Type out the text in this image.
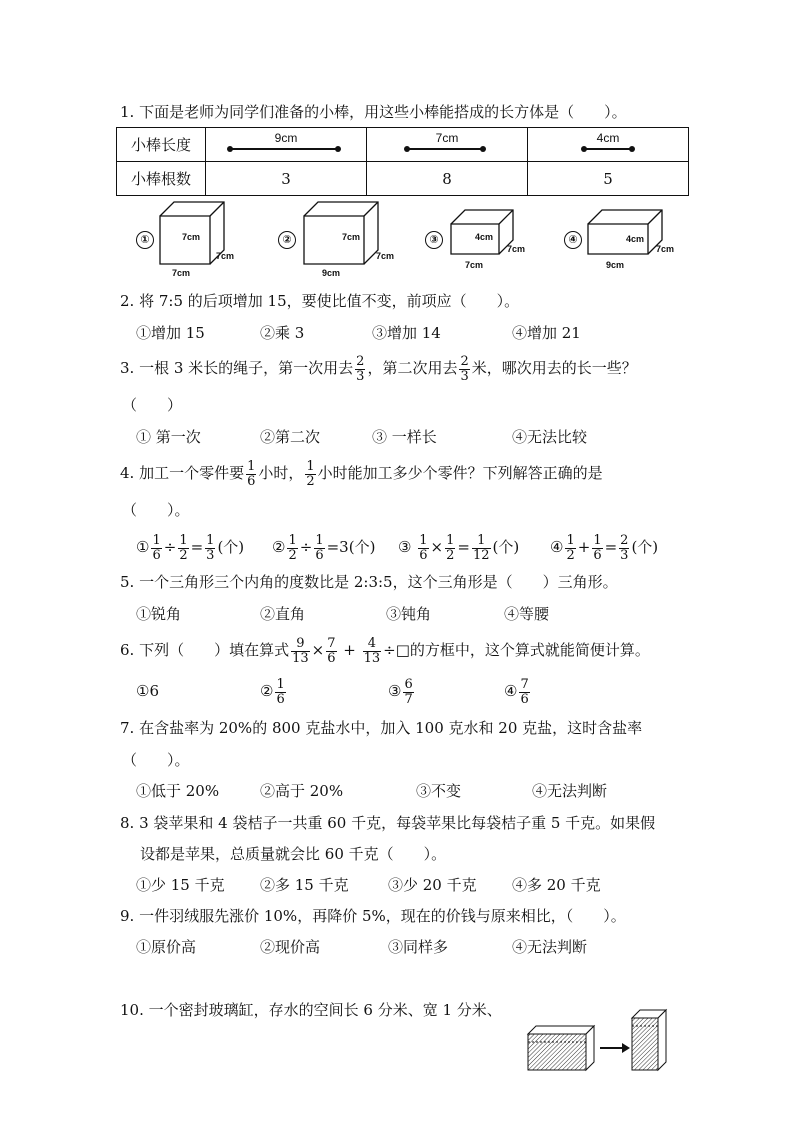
1. 下面是老师为同学们准备的小棒，用这些小棒能搭成的长方体是（　　）。
小棒长度	9cm	7cm	4cm

小棒根数	3	8	5
①	7cm
7cm
7cm
②	7cm
7cm
9cm
③	4cm
7cm
7cm
④	4cm
7cm
9cm
2. 将 7:5 的后项增加 15，要使比值不变，前项应（　　）。
①增加 15	②乘 3	③增加 14	④增加 21
3. 一根 3 米长的绳子，第一次用去 $\frac{2}{3}$ ，第二次用去 $\frac{2}{3}$ 米，哪次用去的长一些？
（　　）
① 第一次	②第二次	③ 一样长	④无法比较
4. 加工一个零件要 $\frac{1}{6}$ 小时， $\frac{1}{2}$ 小时能加工多少个零件？下列解答正确的是
（　　）。
① $\frac{1}{6} \div \frac{1}{2} = \frac{1}{3}$ (个) ② $\frac{1}{2} \div \frac{1}{6} =3$(个) ③ $\frac{1}{6} \times \frac{1}{2} = \frac{1}{12}$ (个) ④ $\frac{1}{2} + \frac{1}{6} = \frac{2}{3}$ (个)
5. 一个三角形三个内角的度数比是 2:3:5，这个三角形是（　　）三角形。
①锐角	②直角	③钝角	④等腰
6. 下列（　　）填在算式 $\frac{9}{13} \times \frac{7}{6} + \frac{4}{13}$ ÷□的方框中，这个算式就能简便计算。
①6	② $\frac{1}{6}$	③ $\frac{6}{7}$	④ $\frac{7}{6}$
7. 在含盐率为 20%的 800 克盐水中，加入 100 克水和 20 克盐，这时含盐率
（　　）。
①低于 20%	②高于 20%	③不变	④无法判断
8. 3 袋苹果和 4 袋桔子一共重 60 千克，每袋苹果比每袋桔子重 5 千克。如果假
设都是苹果，总质量就会比 60 千克（　　）。
①少 15 千克 ②多 15 千克	③少 20 千克 ④多 20 千克
9. 一件羽绒服先涨价 10%，再降价 5%，现在的价钱与原来相比，（　　）。
①原价高	②现价高	③同样多	④无法判断
10. 一个密封玻璃缸，存水的空间长 6 分米、宽 1 分米、
